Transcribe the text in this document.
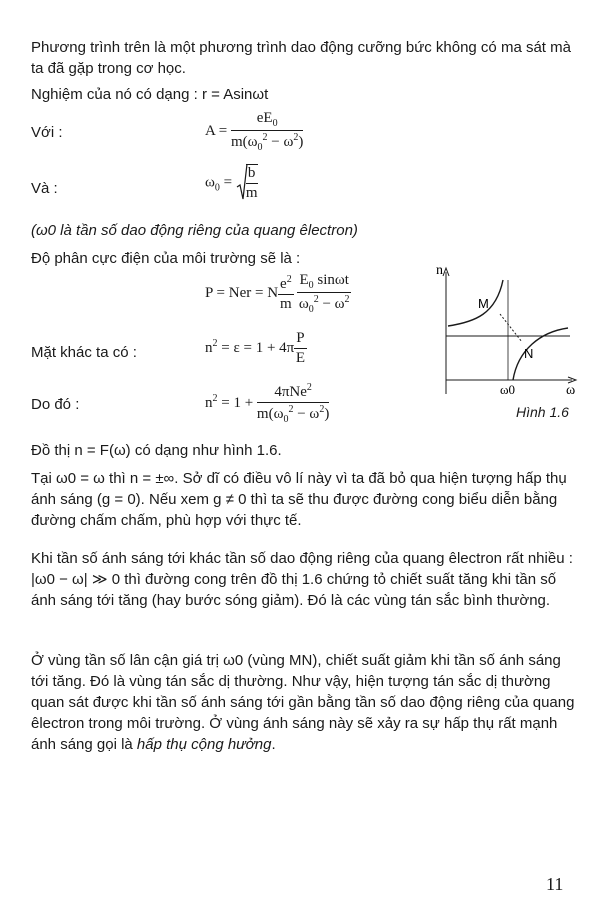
Phương trình trên là một phương trình dao động cưỡng bức không có ma sát mà ta đã gặp trong cơ học.

Nghiệm của nó có dạng : r = Asinωt

Với :	$A = \frac{eE_0}{m(\omega_0^2 - \omega^2)}$
Và :	$\omega_0 = \frac{b}{m}$

(ω0 là tần số dao động riêng của quang êlectron)

Độ phân cực điện của môi trường sẽ là :

P = Ner = N $\frac{e^2}{m}$
$\frac{E_0 \sin\omega t}{\omega_0^2 - \omega^2}$
Mặt khác ta có :	$n^2 = \varepsilon = 1 + 4\pi \frac{P}{E}$
Do đó :	$n^2 = 1 + \frac{4\pi Ne^2}{m(\omega_0^2 - \omega^2)}$
n
M
N
ω0	ω
Hình 1.6

Đồ thị n = F(ω) có dạng như hình 1.6.

Tại ω0 = ω thì n = ±∞. Sở dĩ có điều vô lí này vì ta đã bỏ qua hiện tượng hấp thụ ánh sáng (g = 0). Nếu xem g ≠ 0 thì ta sẽ thu được đường cong biểu diễn bằng đường chấm chấm, phù hợp với thực tế.

Khi tần số ánh sáng tới khác tần số dao động riêng của quang êlectron rất nhiều : |ω0 − ω| ≫ 0 thì đường cong trên đồ thị 1.6 chứng tỏ chiết suất tăng khi tần số ánh sáng tới tăng (hay bước sóng giảm). Đó là các vùng tán sắc bình thường.

Ở vùng tần số lân cận giá trị ω0 (vùng MN), chiết suất giảm khi tần số ánh sáng tới tăng. Đó là vùng tán sắc dị thường. Như vậy, hiện tượng tán sắc dị thường quan sát được khi tần số ánh sáng tới gần bằng tần số dao động riêng của quang êlectron trong môi trường. Ở vùng ánh sáng này sẽ xảy ra sự hấp thụ rất mạnh ánh sáng gọi là hấp thụ cộng hưởng.

11
